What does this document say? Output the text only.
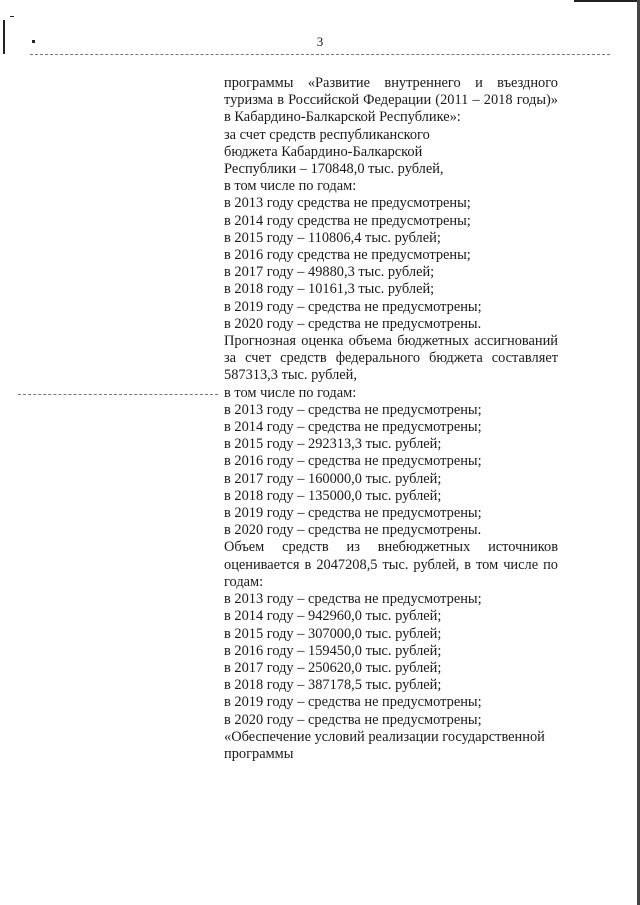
3

программы «Развитие внутреннего и въездного туризма в Российской Федерации (2011 – 2018 годы)» в Кабардино-Балкарской Республике»:

за счет средств республиканского

бюджета Кабардино-Балкарской

Республики – 170848,0 тыс. рублей,

в том числе по годам:

в 2013 году средства не предусмотрены;

в 2014 году средства не предусмотрены;

в 2015 году – 110806,4 тыс. рублей;

в 2016 году средства не предусмотрены;

в 2017 году – 49880,3 тыс. рублей;

в 2018 году – 10161,3 тыс. рублей;

в 2019 году – средства не предусмотрены;

в 2020 году – средства не предусмотрены.

Прогнозная оценка объема бюджетных ассигнований за счет средств федерального бюджета составляет 587313,3 тыс. рублей,

в том числе по годам:

в 2013 году – средства не предусмотрены;

в 2014 году – средства не предусмотрены;

в 2015 году – 292313,3 тыс. рублей;

в 2016 году – средства не предусмотрены;

в 2017 году – 160000,0 тыс. рублей;

в 2018 году – 135000,0 тыс. рублей;

в 2019 году – средства не предусмотрены;

в 2020 году – средства не предусмотрены.

Объем средств из внебюджетных источников оценивается в 2047208,5 тыс. рублей, в том числе по годам:

в 2013 году – средства не предусмотрены;

в 2014 году – 942960,0 тыс. рублей;

в 2015 году – 307000,0 тыс. рублей;

в 2016 году – 159450,0 тыс. рублей;

в 2017 году – 250620,0 тыс. рублей;

в 2018 году – 387178,5 тыс. рублей;

в 2019 году – средства не предусмотрены;

в 2020 году – средства не предусмотрены;

«Обеспечение условий реализации государственной программы
